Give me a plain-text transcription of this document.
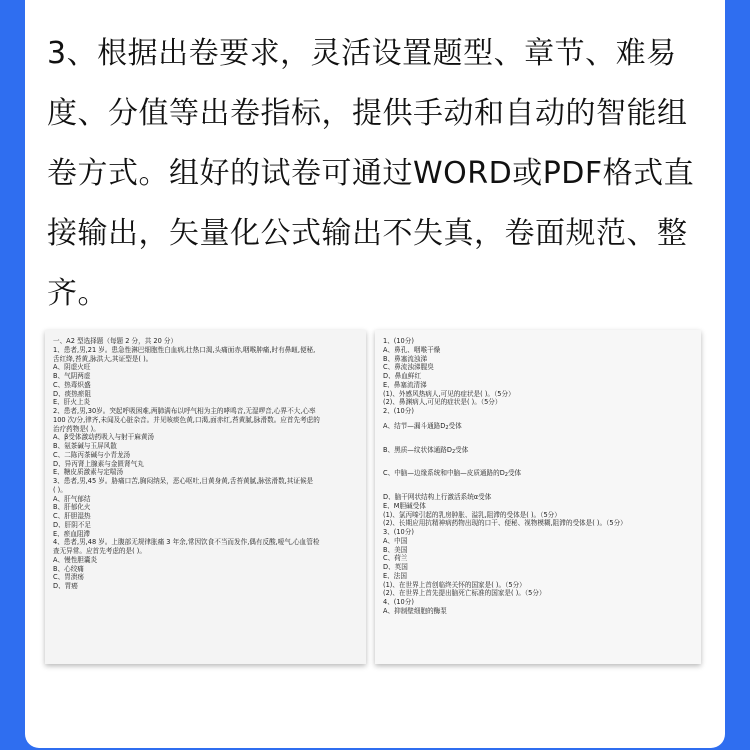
3、根据出卷要求，灵活设置题型、章节、难易
度、分值等出卷指标，提供手动和自动的智能组
卷方式。组好的试卷可通过WORD或PDF格式直
接输出，矢量化公式输出不失真，卷面规范、整
齐。
一、A2 型选择题（每题 2 分，共 20 分）
1、患者,男,21 岁。患急性淋巴细胞性白血病,壮热口渴,头痛面赤,咽喉肿痛,时有鼻衄,便秘,
舌红绛,苔黄,脉洪大,其证型是( )。
A、阴虚火旺
B、气阴两虚
C、热毒炽盛
D、痰热瘀阻
E、肝火上炎
2、患者,男,30岁。突起呼吸困难,两肺满布以呼气相为主的哮鸣音,无湿啰音,心界不大,心率
100 次/分,律齐,未闻及心脏杂音。并见咳痰色黄,口渴,面赤红,苔黄腻,脉滑数。应首先考虑的
治疗药物是( )。
A、β受体激动药吸入与射干麻黄汤
B、氨茶碱与玉屏风散
C、二陈丙茶碱与小青龙汤
D、异丙肾上腺素与金匮肾气丸
E、糖皮质激素与定喘汤
3、患者,男,45 岁。胁痛口苦,胸闷纳呆，恶心呕吐,目黄身黄,舌苔黄腻,脉弦滑数,其证候是
( )。
A、肝气郁结
B、肝郁化火
C、肝胆湿热
D、肝阴不足
E、瘀血阻滞
4、患者,男,48 岁。上腹部无规律胀痛 3 年余,常因饮食不当而发作,偶有反酸,嗳气,心血管检
查无异常。应首先考虑的是( )。
A、慢性胆囊炎
B、心绞痛
C、胃溃疡
D、胃癌
1、(10分)
A、鼻孔、咽喉干燥
B、鼻塞流浊涕
C、鼻流浊涕腥臭
D、鼻血鲜红
E、鼻塞流清涕
(1)、外感风热病人,可见的症状是( )。（5分）
(2)、鼻渊病人,可见的症状是( )。（5分）
2、(10分)
A、结节—漏斗通路$D_2$受体
B、黑质—纹状体通路$D_2$受体
C、中脑—边缘系统和中脑—皮质通路的$D_2$受体
D、脑干网状结构上行激活系统α受体
E、M胆碱受体
(1)、氯丙嗪引起的乳房肿胀、溢乳,阻滞的受体是( )。（5分）
(2)、长期应用抗精神病药物出现的口干、便秘、视物模糊,阻滞的受体是( )。（5分）
3、(10分)
A、中国
B、美国
C、荷兰
D、英国
E、法国
(1)、在世界上首创临终关怀的国家是( )。（5分）
(2)、在世界上首先提出脑死亡标准的国家是( )。（5分）
4、(10分)
A、抑制壁细胞的酶泵
